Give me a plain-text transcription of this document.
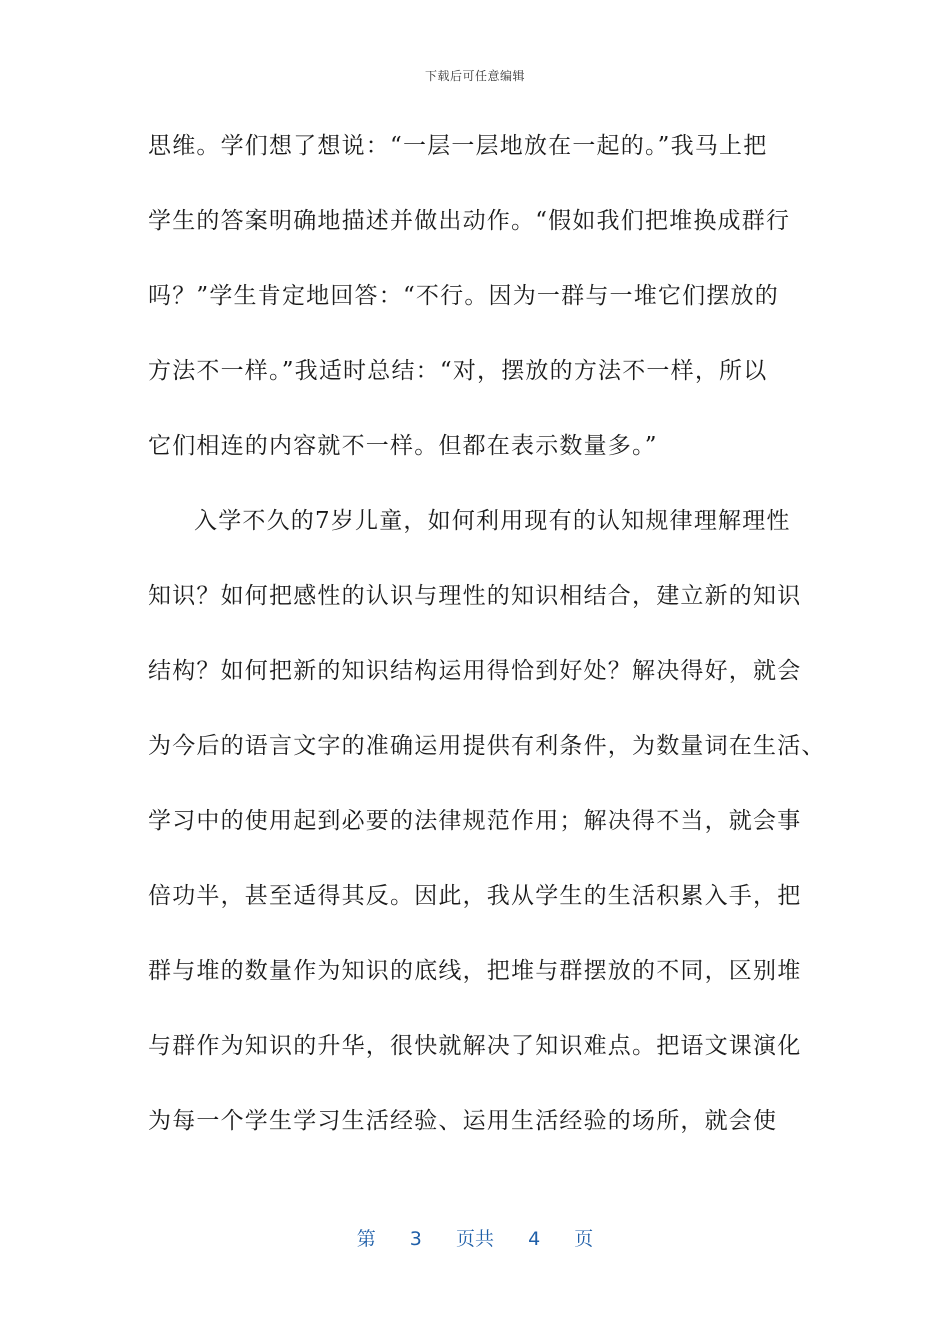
下载后可任意编辑
思维。学们想了想说：“一层一层地放在一起的。”我马上把
学生的答案明确地描述并做出动作。“假如我们把堆换成群行
吗？”学生肯定地回答：“不行。因为一群与一堆它们摆放的
方法不一样。”我适时总结：“对，摆放的方法不一样，所以
它们相连的内容就不一样。但都在表示数量多。”
入学不久的7岁儿童，如何利用现有的认知规律理解理性
知识？如何把感性的认识与理性的知识相结合，建立新的知识
结构？如何把新的知识结构运用得恰到好处？解决得好，就会
为今后的语言文字的准确运用提供有利条件，为数量词在生活、
学习中的使用起到必要的法律规范作用；解决得不当，就会事
倍功半，甚至适得其反。因此，我从学生的生活积累入手，把
群与堆的数量作为知识的底线，把堆与群摆放的不同，区别堆
与群作为知识的升华，很快就解决了知识难点。把语文课演化
为每一个学生学习生活经验、运用生活经验的场所，就会使
第 3 页共 4 页
